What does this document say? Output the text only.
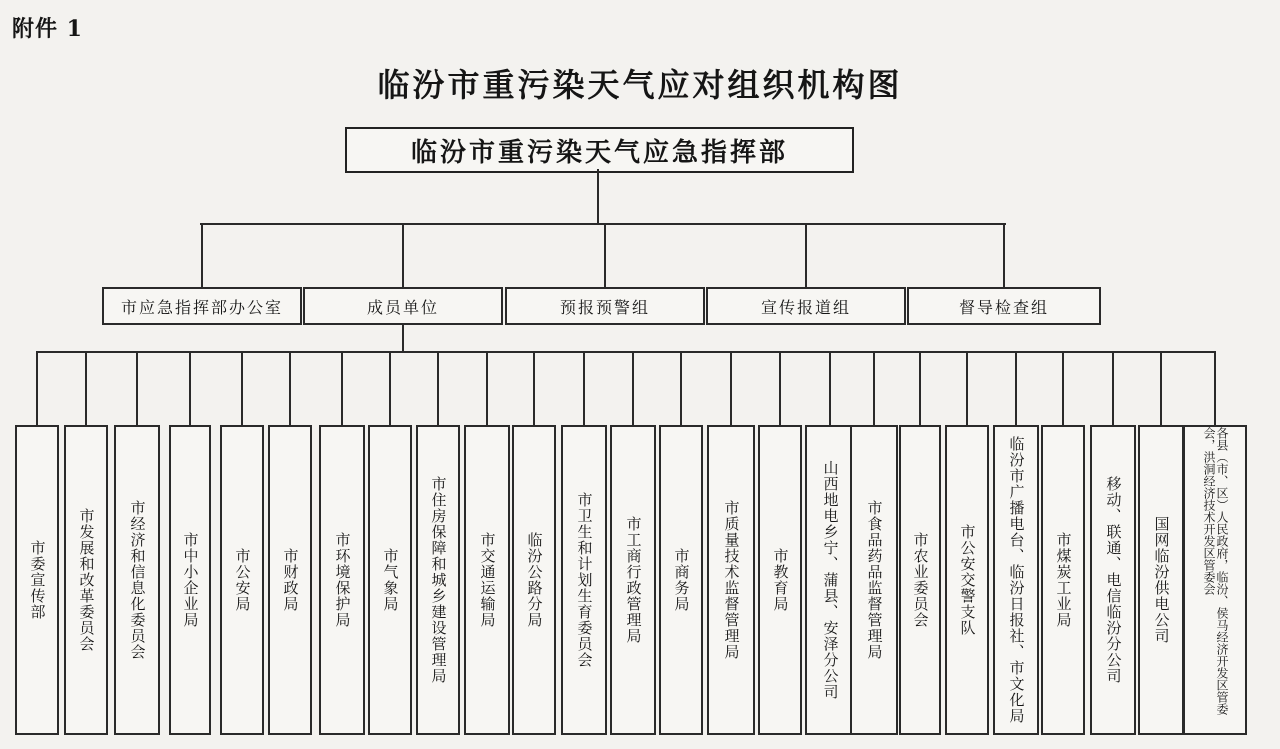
附件 1
临汾市重污染天气应对组织机构图
临汾市重污染天气应急指挥部
市应急指挥部办公室	成员单位	预报预警组	宣传报道组	督导检查组
市委宣传部 市发展和改革委员会 市经济和信息化委员会 市中小企业局 市公安局 市财政局 市环境保护局 市气象局 市住房保障和城乡建设管理局 市交通运输局 临汾公路分局 市卫生和计划生育委员会 市工商行政管理局 市商务局 市质量技术监督管理局 市教育局 山西地电乡宁、蒲县、安泽分公司 市食品药品监督管理局 市农业委员会 市公安交警支队 临汾市广播电台、临汾日报社、市文化局 市煤炭工业局 移动、联通、电信临汾分公司 国网临汾供电公司	各县（市、区）人民政府，临汾、侯马经济开发区管委会，洪洞经济技术开发区管委会
